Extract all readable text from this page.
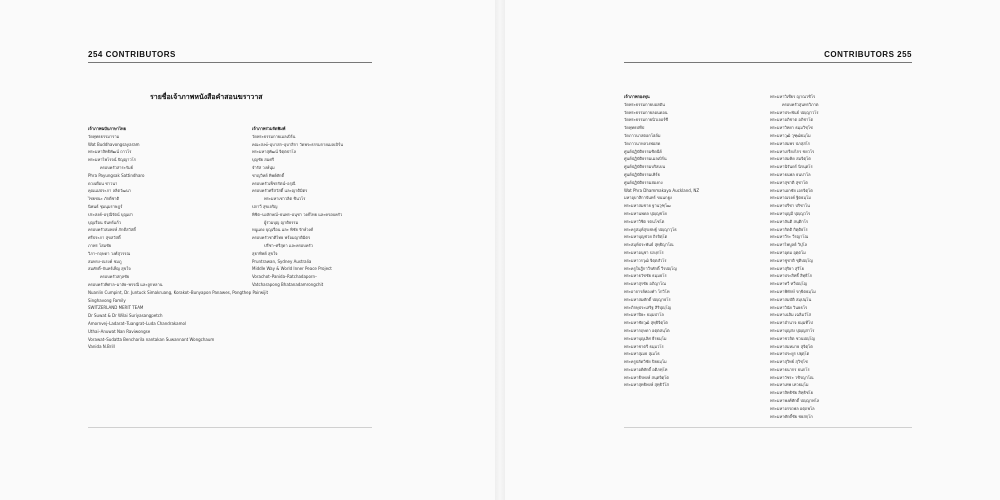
254 CONTRIBUTORS	CONTRIBUTORS 255
รายชื่อเจ้าภาพหนังสือคำสอนฆราวาส
เจ้าภาพฉบับภาษาไทย
วัดพุทธธรรมาราม
Wat Buddhavongsayaram
พระมหาสิทธิพัฒน์ ถาวโร
พระมหาไพโรจน์ ปัญญาวโร
ครอบครัวสาระรัมย์
Phra Payungsak Sattindharo
ดวงเดือน ชาวนา
คุณแม่ประภา ลลิตวัฒนา
ไชยชนะ ภักดีชาติ
นิพนธ์ ชุมนุมราษฎร์
ประสงค์–อรุณีรัตน์ บุญเผ่า
บุญเรือน จันทร์แก้ว
ครอบครัวสมพงษ์ ภักดีสวัสดิ์
ศรีประภา สุขสวัสดิ์
ภาพร โสมชัย
วิภา–กฤษดา วงศ์สุวรรณ
สมทรง–ณรงค์ ชมภู
สมศักดิ์–จันทร์เพ็ญ สุขใจ
ครอบครัวสกุลชัย
ครอบครัวพิศาล–มาลัย–พรรณี และลูกหลาน
Nuanlin Cumpint, Dr. Juntuck Simakruang, Korakot–Bunyapon Panawes, Pongthep Pairwijit
Singhavong Family
SWITZERLAND MERIT TEAM
Dr Suwat & Dr Wilai Suriyasangpetch
Amornvej–Ladarat–Tuangrat–Luda Chandrakamol
Uthai–Anuwat Nan Raviwongse
Vorawat–Sudatta Bencharila nantakan Suwannant Wongchaum
Vanida N.Brill
เจ้าภาพร่วมจัดพิมพ์
วัดพระธรรมกายเมลเบิร์น
คณะสงฆ์–อุบาสก–อุบาสิกา วัดพระธรรมกายเมลเบิร์น
พระมหาสุพัฒน์ จิตฺตปาโล
บุญชัย สมศรี
จำรัส วงษ์นุ่ม
ชาญวิทย์ ทิพย์ศักดิ์
ครอบครัวเพ็ชรรัตน์–อรุณี
ครอบครัวศรีสวัสดิ์ และญาติมิตร
พระมหาเชาวลิต ชินวโร
ปภาวี สุขเจริญ
พิชิต–นงลักษณ์–ธนพร–อนุชา วงศ์ไทย และครอบครัว
ผู้ร่วมบุญ ญาติธรรม
หนูแดง บุญเรือน และ พิชัย รักษ์วงศ์
ครอบครัวชาติไทย พร้อมญาติมิตร
ปรีชา–ศรีสุดา และครอบครัว
สุธาทิพย์ สุขใจ
Pruntrawan, Sydney Australia
Middle Way & World Inner Peace Project
Vorachot–Panida–Ratchadaporn–
Vatcharapong Bhatanadamrongchit
เจ้าภาพกองทุน
วัดพระธรรมกายบอสตัน
วัดพระธรรมกายลอนดอน
วัดพระธรรมกายนิวเจอร์ซี
วัดพุทธปทีป
วัดภาวนาสตอกโฮล์ม
วัดภาวนาหลวงพ่อสด
ศูนย์ปฏิบัติธรรมซิดนีย์
ศูนย์ปฏิบัติธรรมเมลเบิร์น
ศูนย์ปฏิบัติธรรมบริสเบน
ศูนย์ปฏิบัติธรรมเพิร์ธ
ศูนย์ปฏิบัติธรรมฮ่องกง
Wat Phra Dhammakaya Auckland, NZ
มหาอุบาสิกาจันทร์ ขนนกยูง
พระมหาสมชาย ฐานวุฑฺโฒ
พระมหานพดล ปุญฺญชโย
พระมหาวิชิต รตนโชโต
พระครูสมุห์สุรเชษฐ์ ปญฺญาวุโธ
พระมหาบุญช่วย ถิรจิตฺโต
พระสมุห์ประพันธ์ สุทฺธิญาโณ
พระมหาอนุชา ปภงฺกโร
พระมหาวรวุฒิ จิตฺตสํวโร
พระครูใบฎีกาวีรศักดิ์ วีรปญฺโญ
พระมหาธวัชชัย ธมฺมธโร
พระมหาสุรชัย อภิญาโณ
พระอาจารย์ทองคำ โกวิโท
พระมหาสมศักดิ์ ปญฺญาธโร
พระภิกษุประเสริฐ สิริปุญฺโญ
พระมหาปิยะ ธมฺมปาโล
พระมหาชัยวุฒิ สุทฺธิจิตฺโต
พระมหากฤษดา อตฺตสนฺโต
พระมหาบุญเลิศ ธีรธมฺโม
พระมหาชาตรี ธมฺมวโร
พระมหาสุเมธ สุเมโธ
พระครูปลัดวิชัย ปิยธมฺโม
พระมหาอดิศักดิ์ อติภทฺโท
พระมหาธีรพงษ์ สนฺตจิตฺโต
พระมหาสุทธิพงษ์ สุทฺธิวํโส
พระมหาวิเชียร ญาณวชิโร
ครอบครัวสุนทรวิภาต
พระมหาประพันธ์ ปญฺญาวโร
พระมหาอภิชาต อภิชาโต
พระมหาวิทยา ธมฺมวิชฺโช
พระมหาวุฒิ วุฑฺฒิธมฺโม
พระมหาสมพร ปภสฺสโร
พระมหาเกรียงไกร ชยวโร
พระมหาสมคิด สมจิตฺโต
พระมหานิรันดร์ นิรนฺตโร
พระมหาธนพล ธนปาโล
พระมหาสุชาติ สุชาโต
พระมหาเอกชัย เอกจิตฺโต
พระมหาณรงค์ ฐิตธมฺโม
พระมหาปรีชา ปริชาโน
พระมหาบุญมี ปุญฺญวโร
พระมหาสันติ สนฺติกโร
พระมหากิตติ กิตฺติธโร
พระมหาวีระ วีรญาโณ
พระมหาไพบูลย์ วิปุโล
พระมหาอุดม อุตฺตโม
พระมหาชูชาติ ชุติปญฺโญ
พระมหาสุริยา สุริโย
พระมหาประสิทธิ์ สิทฺธิโก
พระมหาทวี ทวีปญฺโญ
พระมหาพิทักษ์ รกฺขิตธมฺโม
พระมหาสมบัติ สมฺปนฺโน
พระมหาวินัย วินยธโร
พระมหาเฉลิม เฉลิมวํโส
พระมหาอำนาจ ธมฺมทีโป
พระมหาบุญส่ง ปุญฺญสาโร
พระมหาชวลิต ชวนปญฺโญ
พระมหาสมหมาย สุจิตฺโต
พระมหาประยูร ปยุตฺโต
พระมหาสุวิทย์ สุวิชฺโช
พระมหาธนากร ธนกโร
พระมหาวัชระ วชิรญาโณ
พระมหาเทพ เทวธมฺโม
พระมหาสิทธิชัย สิทฺธิชโย
พระมหาพงศ์ศักดิ์ ปญฺญาพโล
พระมหาอรรถพล อตฺถพโล
พระมหาศักดิ์ชัย ชยสกฺโก
